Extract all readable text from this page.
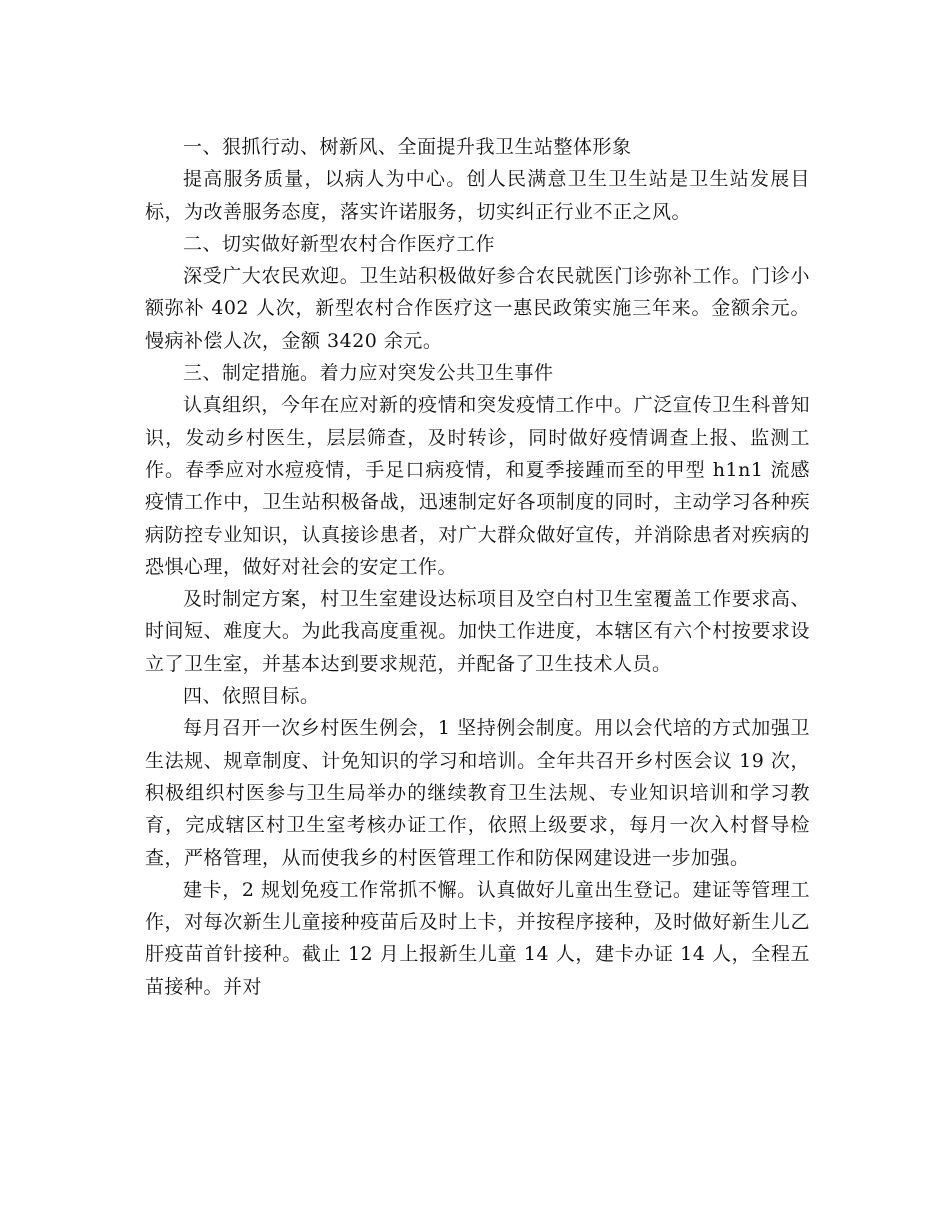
一、狠抓行动、树新风、全面提升我卫生站整体形象

提高服务质量，以病人为中心。创人民满意卫生卫生站是卫生站发展目标，为改善服务态度，落实许诺服务，切实纠正行业不正之风。

二、切实做好新型农村合作医疗工作

深受广大农民欢迎。卫生站积极做好参合农民就医门诊弥补工作。门诊小额弥补 402 人次，新型农村合作医疗这一惠民政策实施三年来。金额余元。慢病补偿人次，金额 3420 余元。

三、制定措施。着力应对突发公共卫生事件

认真组织，今年在应对新的疫情和突发疫情工作中。广泛宣传卫生科普知识，发动乡村医生，层层筛查，及时转诊，同时做好疫情调查上报、监测工作。春季应对水痘疫情，手足口病疫情，和夏季接踵而至的甲型 h1n1 流感疫情工作中，卫生站积极备战，迅速制定好各项制度的同时，主动学习各种疾病防控专业知识，认真接诊患者，对广大群众做好宣传，并消除患者对疾病的恐惧心理，做好对社会的安定工作。

及时制定方案，村卫生室建设达标项目及空白村卫生室覆盖工作要求高、时间短、难度大。为此我高度重视。加快工作进度，本辖区有六个村按要求设立了卫生室，并基本达到要求规范，并配备了卫生技术人员。

四、依照目标。

每月召开一次乡村医生例会，1 坚持例会制度。用以会代培的方式加强卫生法规、规章制度、计免知识的学习和培训。全年共召开乡村医会议 19 次，积极组织村医参与卫生局举办的继续教育卫生法规、专业知识培训和学习教育，完成辖区村卫生室考核办证工作，依照上级要求，每月一次入村督导检查，严格管理，从而使我乡的村医管理工作和防保网建设进一步加强。

建卡，2 规划免疫工作常抓不懈。认真做好儿童出生登记。建证等管理工作，对每次新生儿童接种疫苗后及时上卡，并按程序接种，及时做好新生儿乙肝疫苗首针接种。截止 12 月上报新生儿童 14 人，建卡办证 14 人，全程五苗接种。并对
